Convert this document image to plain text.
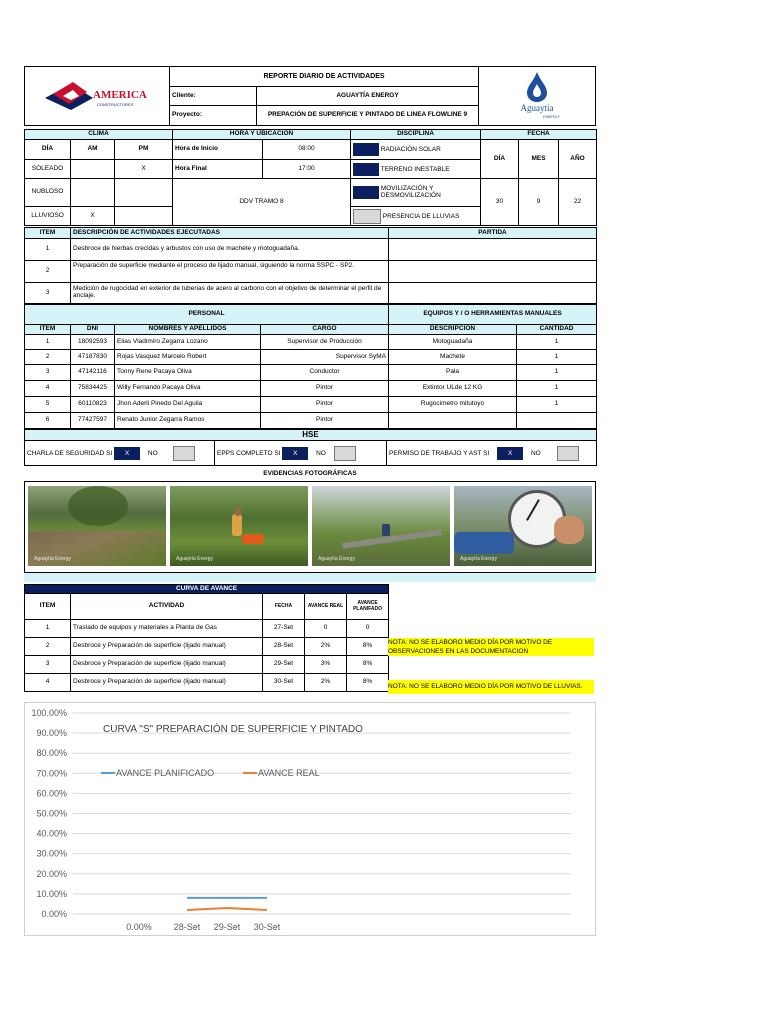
AMERICA
CONSTRUCTORES	REPORTE DIARIO DE ACTIVIDADES		Aguaytia
ENERGY

	Cliente:	AGUAYTÍA ENERGY	
	Proyecto:	PREPACIÓN DE SUPERFICIE Y PINTADO DE LINEA FLOWLINE 9	
CLIMA			HORA Y UBICACIÓN		DISCIPLINA	FECHA		
DÍA	AM	PM	Hora de Inicio	08:00	RADIACIÓN SOLAR	DÍA	MES	AÑO
SOLEADO		X	Hora Final	17:00	TERRENO INESTABLE			
NUBLOSO			DDV TRAMO 8		MOVILIZACIÓN Y DESMOVILIZACIÓN	30	9	22
LLUVIOSO	X				PRESENCIA DE LLUVIAS			
ITEM	DESCRIPCIÓN DE ACTIVIDADES EJECUTADAS	PARTIDA
1	Desbroce de hierbas crecidas y arbustos con uso de machete y motoguadaña.	
2	Preparación de superficie mediante el proceso de lijado manual, siguiendo la norma SSPC - SP2.	
3	Medición de rugocidad en exterior de tuberias de acero al carbono con el objetivo de determinar el perfil de anclaje.	
PERSONAL				EQUIPOS Y / O HERRAMIENTAS MANUALES	
ITEM	DNI	NOMBRES Y APELLIDOS	CARGO	DESCRIPCIÓN	CANTIDAD
1	18092593	Elias Vladimiro Zegarra Lozano	Supervisor de Producción	Motoguadaña	1
2	47187830	Rojas Vasquez Marcelo Robert	Supervisor SyMA	Machete	1
3	47142116	Tonny Rene Pacaya Oliva	Conductor	Pala	1
4	75834425	Willy Fernando Pacaya Oliva	Pintor	Extintor ULde 12 KG	1
5	60110823	Jhon Aderli Pinedo Del Aguila	Pintor	Rugocimetro mitutoyo	1
6	77427597	Renato Junior Zegarra Ramos	Pintor		
HSE
CHARLA DE SEGURIDAD SI X	NO	EPPS COMPLETO SI X	NO	PERMISO DE TRABAJO Y AST SI	X	NO
EVIDENCIAS FOTOGRÁFICAS
Aguaytía Energy	Aguaytía Energy	Aguaytía Energy	Aguaytía Energy
CURVA DE AVANCE				
ITEM	ACTIVIDAD	FECHA	AVANCE REAL	AVANCE PLANIFADO
1	Traslado de equipos y materiales a Planta de Gas	27-Set	0	0
2	Desbroce y Preparación de superficie (lijado manual)	28-Set	2%	8%
3	Desbroce y Preparación de superficie (lijado manual)	29-Set	3%	8%
4	Desbroce y Preparación de superficie (lijado manual)	30-Set	2%	8%
NOTA: NO SE ELABORO MEDIO DÍA POR MOTIVO DE OBSERVACIONES EN LAS DOCUMENTACION
NOTA: NO SE ELABORO MEDIO DÍA POR MOTIVO DE LLUVIAS.
100.00%
90.00%
80.00%
70.00%
60.00%
50.00%
40.00%
30.00%
20.00%
10.00%
0.00%
0.00% 28-Set 29-Set 30-Set
CURVA "S" PREPARACIÓN DE SUPERFICIE Y PINTADO
AVANCE PLANIFICADO	AVANCE REAL
